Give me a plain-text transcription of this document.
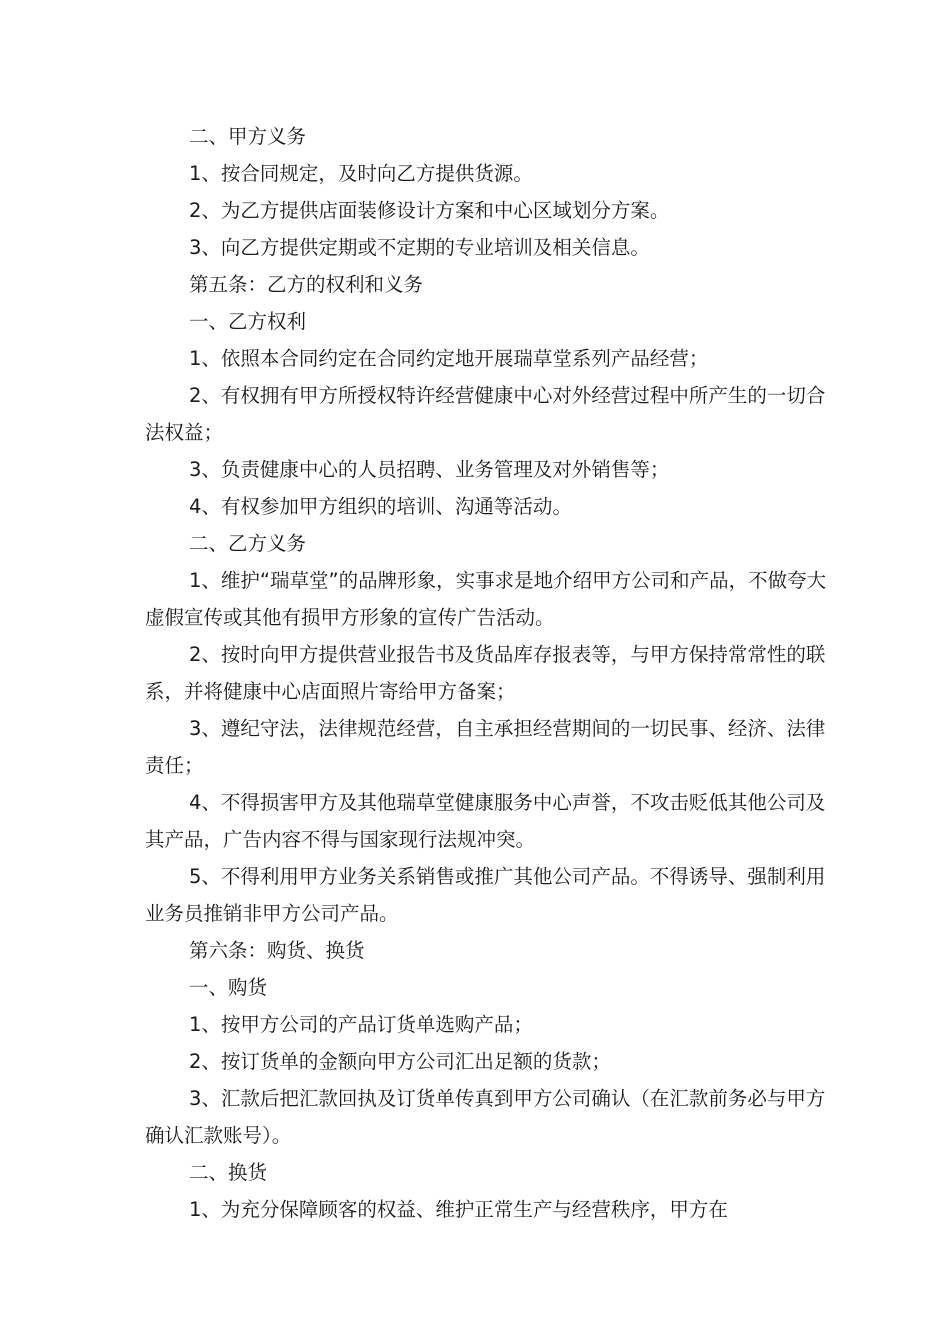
二、甲方义务

1、按合同规定，及时向乙方提供货源。

2、为乙方提供店面装修设计方案和中心区域划分方案。

3、向乙方提供定期或不定期的专业培训及相关信息。

第五条：乙方的权利和义务

一、乙方权利

1、依照本合同约定在合同约定地开展瑞草堂系列产品经营；

2、有权拥有甲方所授权特许经营健康中心对外经营过程中所产生的一切合法权益；

3、负责健康中心的人员招聘、业务管理及对外销售等；

4、有权参加甲方组织的培训、沟通等活动。

二、乙方义务

1、维护“瑞草堂”的品牌形象，实事求是地介绍甲方公司和产品，不做夸大虚假宣传或其他有损甲方形象的宣传广告活动。

2、按时向甲方提供营业报告书及货品库存报表等，与甲方保持常常性的联系，并将健康中心店面照片寄给甲方备案；

3、遵纪守法，法律规范经营，自主承担经营期间的一切民事、经济、法律责任；

4、不得损害甲方及其他瑞草堂健康服务中心声誉，不攻击贬低其他公司及其产品，广告内容不得与国家现行法规冲突。

5、不得利用甲方业务关系销售或推广其他公司产品。不得诱导、强制利用业务员推销非甲方公司产品。

第六条：购货、换货

一、购货

1、按甲方公司的产品订货单选购产品；

2、按订货单的金额向甲方公司汇出足额的货款；

3、汇款后把汇款回执及订货单传真到甲方公司确认（在汇款前务必与甲方确认汇款账号）。

二、换货

1、为充分保障顾客的权益、维护正常生产与经营秩序，甲方在
